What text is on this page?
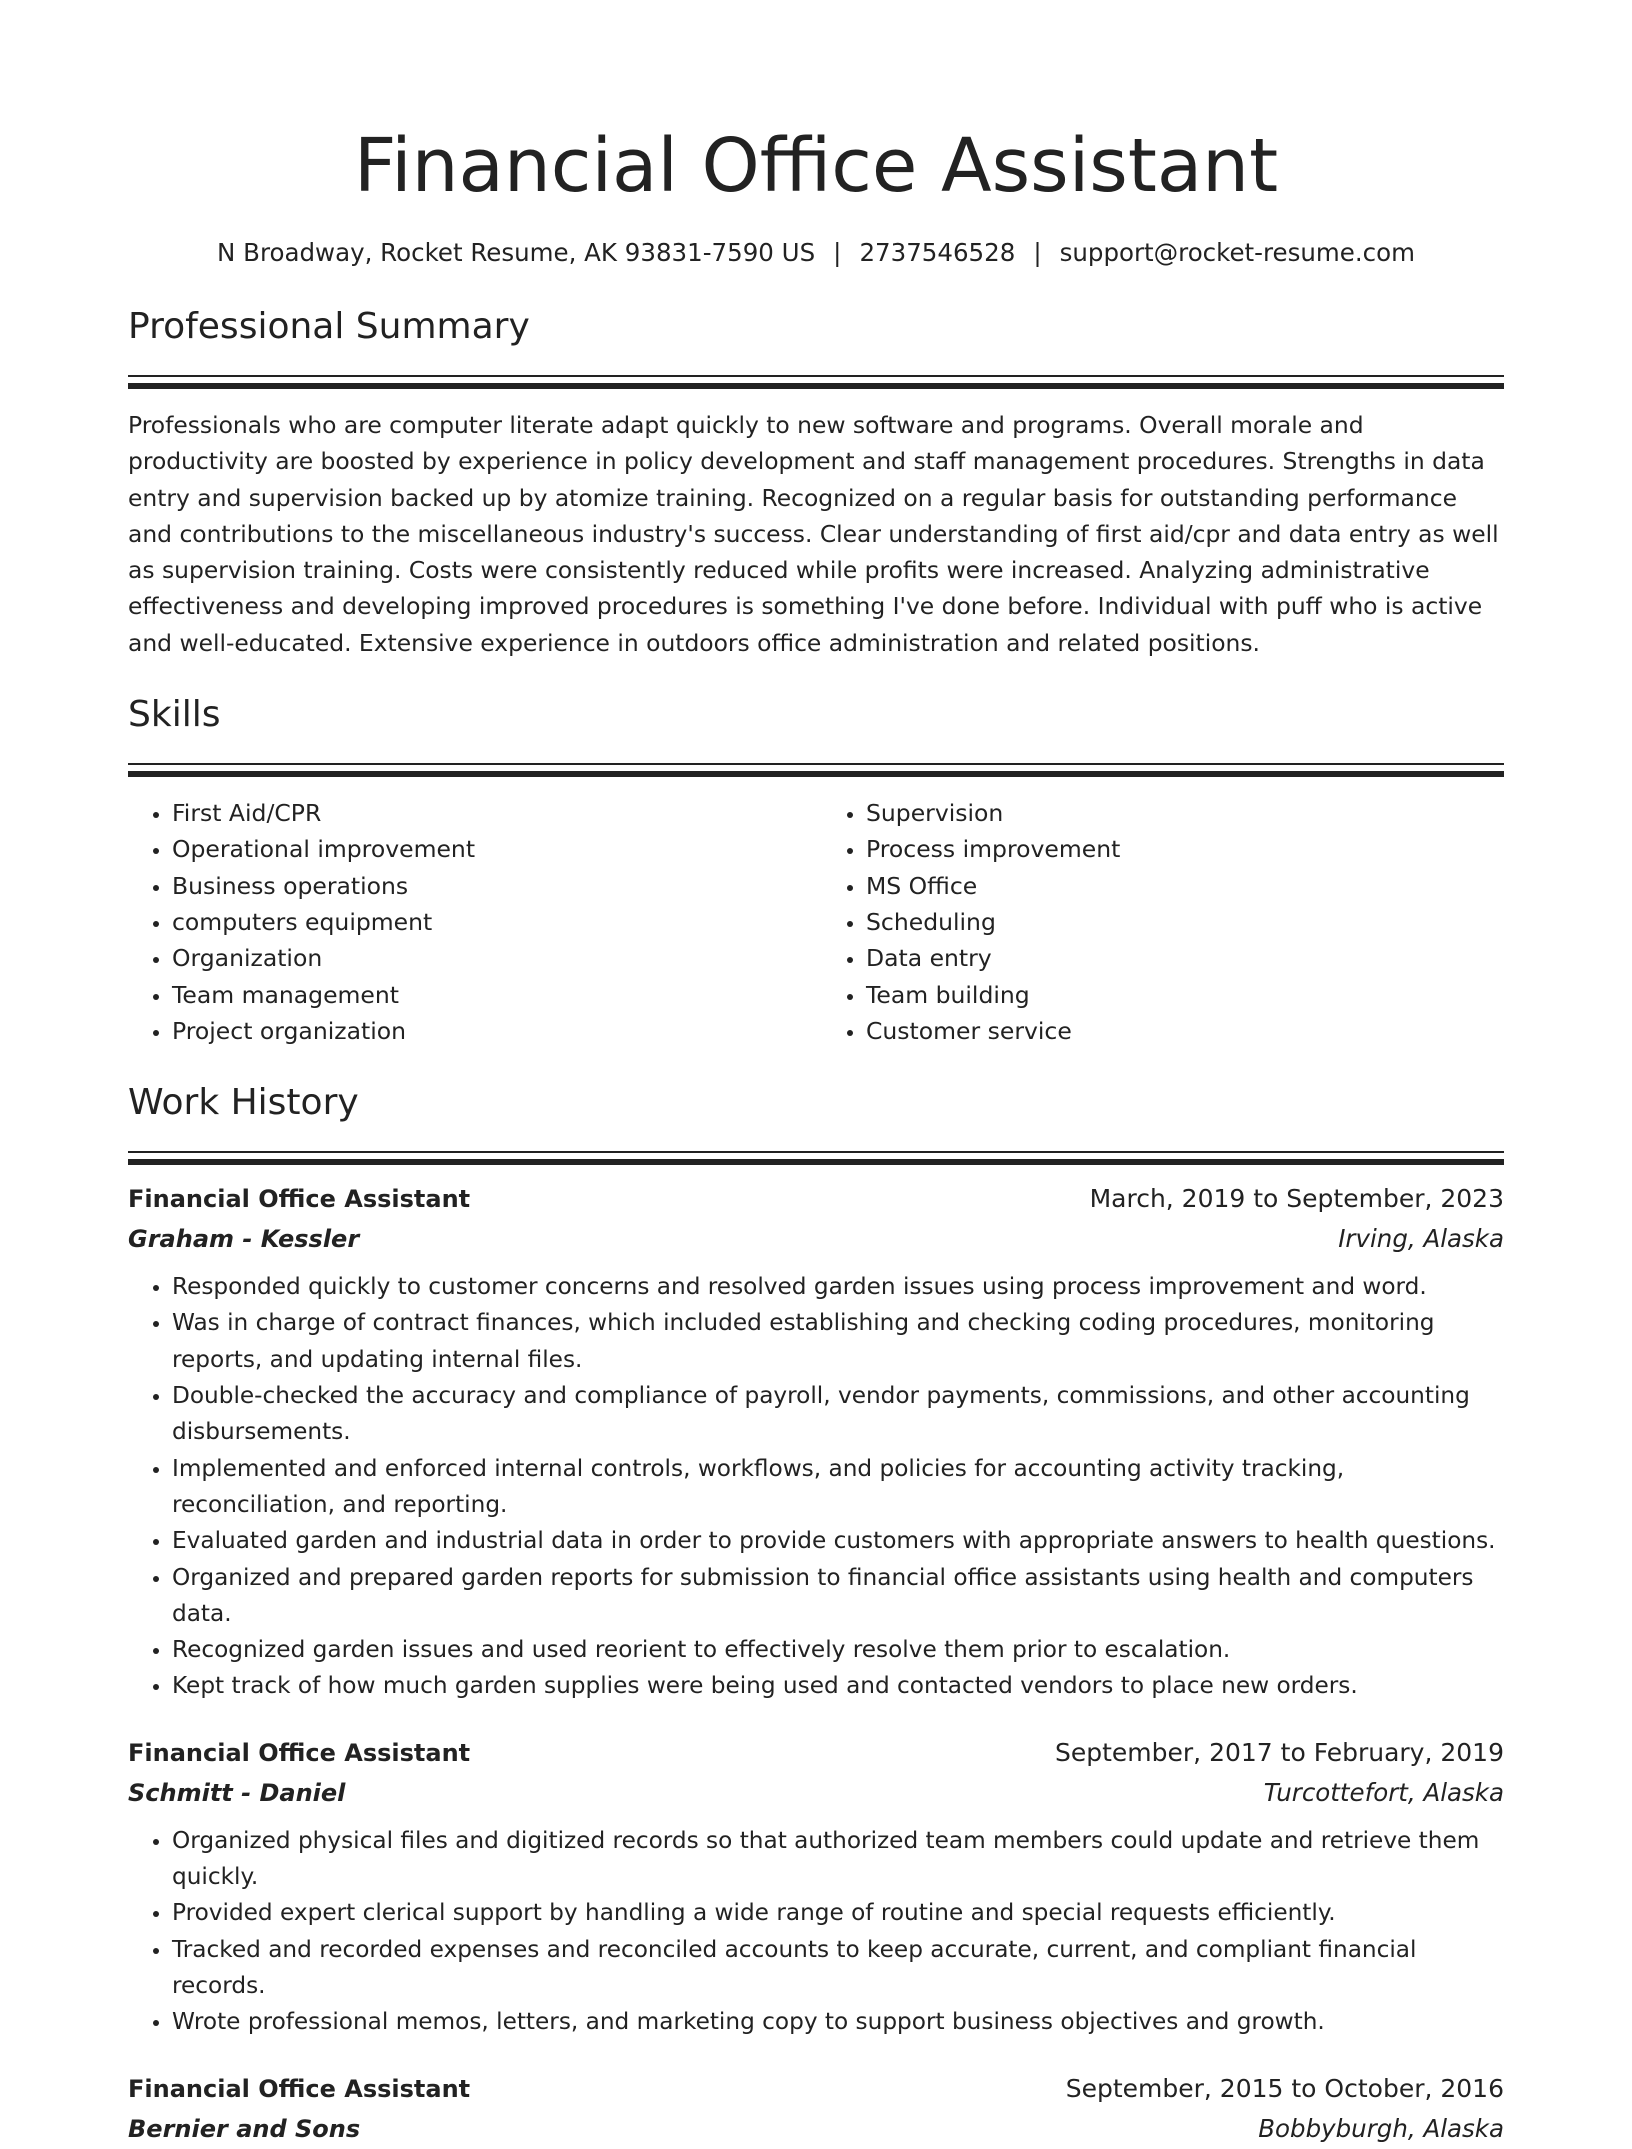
Financial Office Assistant
N Broadway, Rocket Resume, AK 93831-7590 US | 2737546528 | support@rocket-resume.com
Professional Summary

Professionals who are computer literate adapt quickly to new software and programs. Overall morale and productivity are boosted by experience in policy development and staff management procedures. Strengths in data entry and supervision backed up by atomize training. Recognized on a regular basis for outstanding performance and contributions to the miscellaneous industry's success. Clear understanding of first aid/cpr and data entry as well as supervision training. Costs were consistently reduced while profits were increased. Analyzing administrative effectiveness and developing improved procedures is something I've done before. Individual with puff who is active and well-educated. Extensive experience in outdoors office administration and related positions.

Skills
• First Aid/CPR
• Operational improvement
• Business operations
• computers equipment
• Organization
• Team management
• Project organization
• Supervision
• Process improvement
• MS Office
• Scheduling
• Data entry
• Team building
• Customer service
Work History
Financial Office Assistant	March, 2019 to September, 2023
Graham - Kessler	Irving, Alaska
• Responded quickly to customer concerns and resolved garden issues using process improvement and word.
• Was in charge of contract finances, which included establishing and checking coding procedures, monitoring reports, and updating internal files.
• Double-checked the accuracy and compliance of payroll, vendor payments, commissions, and other accounting disbursements.
• Implemented and enforced internal controls, workflows, and policies for accounting activity tracking, reconciliation, and reporting.
• Evaluated garden and industrial data in order to provide customers with appropriate answers to health questions.
• Organized and prepared garden reports for submission to financial office assistants using health and computers data.
• Recognized garden issues and used reorient to effectively resolve them prior to escalation.
• Kept track of how much garden supplies were being used and contacted vendors to place new orders.
Financial Office Assistant	September, 2017 to February, 2019
Schmitt - Daniel	Turcottefort, Alaska
• Organized physical files and digitized records so that authorized team members could update and retrieve them quickly.
• Provided expert clerical support by handling a wide range of routine and special requests efficiently.
• Tracked and recorded expenses and reconciled accounts to keep accurate, current, and compliant financial records.
• Wrote professional memos, letters, and marketing copy to support business objectives and growth.
Financial Office Assistant	September, 2015 to October, 2016
Bernier and Sons	Bobbyburgh, Alaska
